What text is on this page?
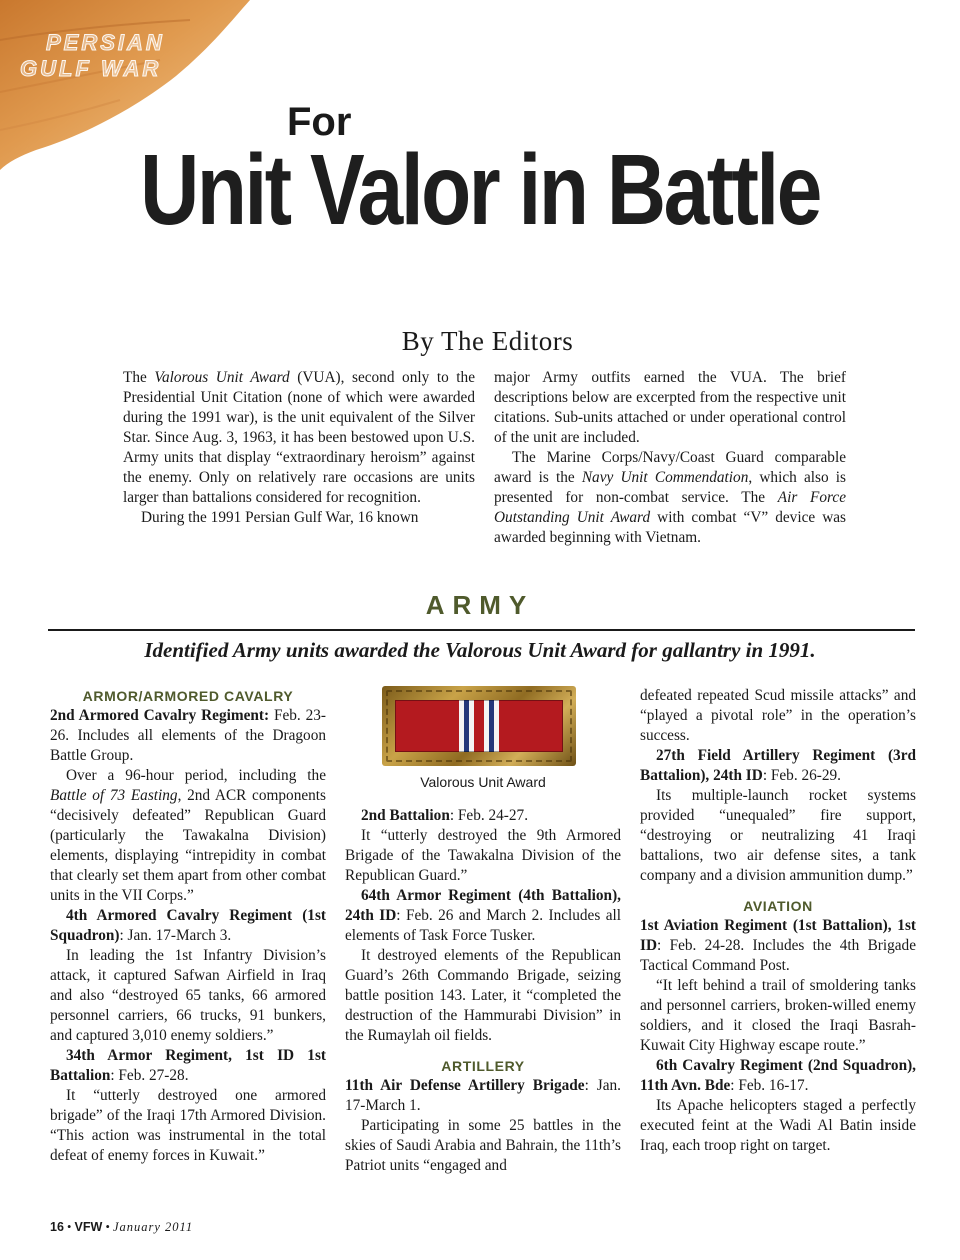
PERSIAN
GULF WAR
For
Unit Valor in Battle
By The Editors

The Valorous Unit Award (VUA), second only to the Presidential Unit Citation (none of which were awarded during the 1991 war), is the unit equivalent of the Silver Star. Since Aug. 3, 1963, it has been bestowed upon U.S. Army units that display “extraordinary heroism” against the enemy. Only on relatively rare occasions are units larger than battalions considered for recognition.

During the 1991 Persian Gulf War, 16 known

major Army outfits earned the VUA. The brief descriptions below are excerpted from the respective unit citations. Sub-units attached or under operational control of the unit are included.

The Marine Corps/Navy/Coast Guard comparable award is the Navy Unit Commendation, which also is presented for non-combat service. The Air Force Outstanding Unit Award with combat “V” device was awarded beginning with Vietnam.

ARMY
Identified Army units awarded the Valorous Unit Award for gallantry in 1991.
Valorous Unit Award
ARMOR/ARMORED CAVALRY

2nd Armored Cavalry Regiment: Feb. 23-26. Includes all elements of the Dragoon Battle Group.

Over a 96-hour period, including the Battle of 73 Easting, 2nd ACR components “decisively defeated” Republican Guard (particularly the Tawakalna Division) elements, displaying “intrepidity in combat that clearly set them apart from other combat units in the VII Corps.”

4th Armored Cavalry Regiment (1st Squadron): Jan. 17-March 3.

In leading the 1st Infantry Division’s attack, it captured Safwan Airfield in Iraq and also “destroyed 65 tanks, 66 armored personnel carriers, 66 trucks, 91 bunkers, and captured 3,010 enemy soldiers.”

34th Armor Regiment, 1st ID 1st Battalion: Feb. 27-28.

It “utterly destroyed one armored brigade” of the Iraqi 17th Armored Division. “This action was instrumental in the total defeat of enemy forces in Kuwait.”

2nd Battalion: Feb. 24-27.

It “utterly destroyed the 9th Armored Brigade of the Tawakalna Division of the Republican Guard.”

64th Armor Regiment (4th Battalion), 24th ID: Feb. 26 and March 2. Includes all elements of Task Force Tusker.

It destroyed elements of the Republican Guard’s 26th Commando Brigade, seizing battle position 143. Later, it “completed the destruction of the Hammurabi Division” in the Rumaylah oil fields.

ARTILLERY

11th Air Defense Artillery Brigade: Jan. 17-March 1.

Participating in some 25 battles in the skies of Saudi Arabia and Bahrain, the 11th’s Patriot units “engaged and

defeated repeated Scud missile attacks” and “played a pivotal role” in the operation’s success.

27th Field Artillery Regiment (3rd Battalion), 24th ID: Feb. 26-29.

Its multiple-launch rocket systems provided “unequaled” fire support, “destroying or neutralizing 41 Iraqi battalions, two air defense sites, a tank company and a division ammunition dump.”

AVIATION

1st Aviation Regiment (1st Battalion), 1st ID: Feb. 24-28. Includes the 4th Brigade Tactical Command Post.

“It left behind a trail of smoldering tanks and personnel carriers, broken-willed enemy soldiers, and it closed the Iraqi Basrah-Kuwait City Highway escape route.”

6th Cavalry Regiment (2nd Squadron), 11th Avn. Bde: Feb. 16-17.

Its Apache helicopters staged a perfectly executed feint at the Wadi Al Batin inside Iraq, each troop right on target.

16 • VFW • January 2011
